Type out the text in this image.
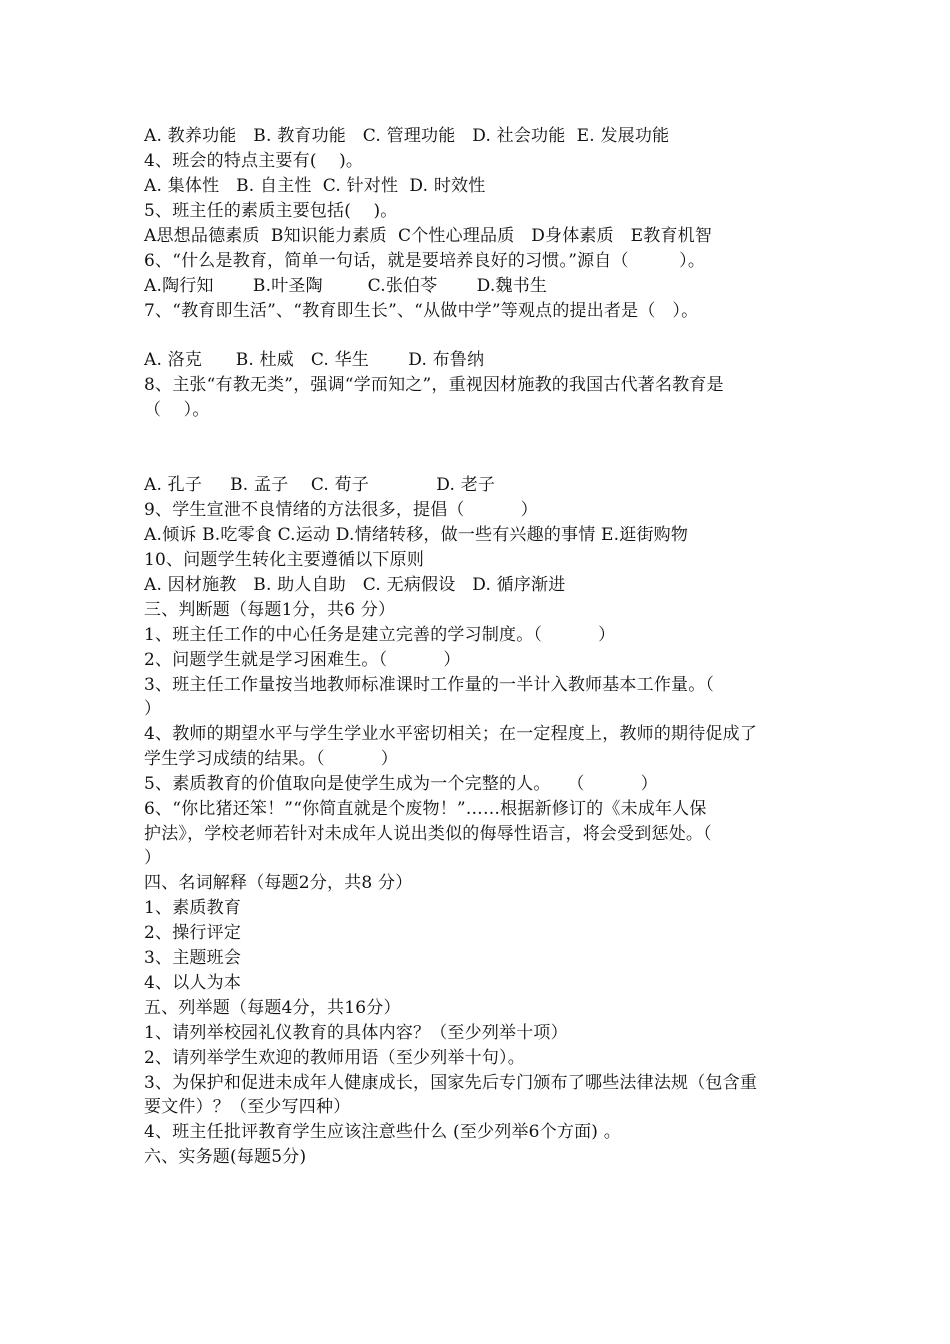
A. 教养功能   B. 教育功能   C. 管理功能   D. 社会功能  E. 发展功能
4、班会的特点主要有(    )。
A. 集体性   B. 自主性  C. 针对性  D. 时效性
5、班主任的素质主要包括(    )。
A思想品德素质  B知识能力素质  C个性心理品质   D身体素质   E教育机智
6、“什么是教育，简单一句话，就是要培养良好的习惯。”源自（         ）。
A.陶行知       B.叶圣陶        C.张伯苓       D.魏书生
7、“教育即生活”、“教育即生长”、“从做中学”等观点的提出者是（   ）。
A. 洛克      B. 杜威   C. 华生       D. 布鲁纳
8、主张“有教无类”，强调“学而知之”，重视因材施教的我国古代著名教育是
（    ）。
A. 孔子     B. 孟子    C. 荀子            D. 老子
9、学生宣泄不良情绪的方法很多，提倡（          ）
A.倾诉 B.吃零食 C.运动 D.情绪转移，做一些有兴趣的事情 E.逛街购物
10、问题学生转化主要遵循以下原则
A. 因材施教   B. 助人自助   C. 无病假设   D. 循序渐进
三、判断题（每题1分，共6 分）
1、班主任工作的中心任务是建立完善的学习制度。（          ）
2、问题学生就是学习困难生。（          ）
3、班主任工作量按当地教师标准课时工作量的一半计入教师基本工作量。（
）
4、教师的期望水平与学生学业水平密切相关；在一定程度上，教师的期待促成了
学生学习成绩的结果。（          ）
5、素质教育的价值取向是使学生成为一个完整的人。   （          ）
6、“你比猪还笨！”“你简直就是个废物！”……根据新修订的《未成年人保
护法》，学校老师若针对未成年人说出类似的侮辱性语言，将会受到惩处。（
）
四、名词解释（每题2分，共8 分）
1、素质教育
2、操行评定
3、主题班会
4、以人为本
五、列举题（每题4分，共16分）
1、请列举校园礼仪教育的具体内容？（至少列举十项）
2、请列举学生欢迎的教师用语（至少列举十句）。
3、为保护和促进未成年人健康成长，国家先后专门颁布了哪些法律法规（包含重
要文件）？（至少写四种）
4、班主任批评教育学生应该注意些什么 (至少列举6个方面) 。
六、实务题(每题5分)
